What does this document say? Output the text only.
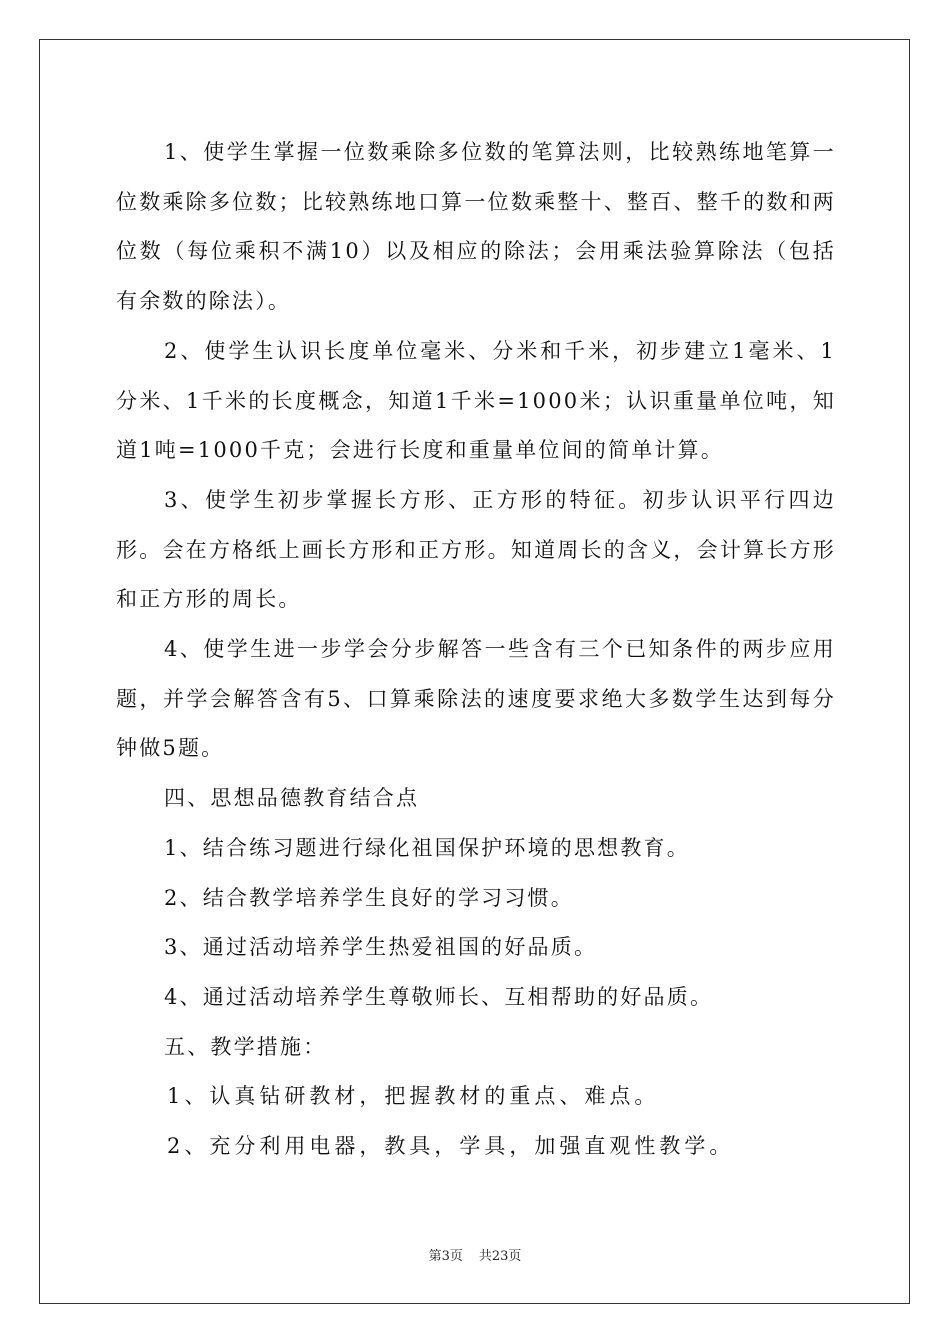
1、使学生掌握一位数乘除多位数的笔算法则，比较熟练地笔算一位数乘除多位数；比较熟练地口算一位数乘整十、整百、整千的数和两位数（每位乘积不满10）以及相应的除法；会用乘法验算除法（包括有余数的除法）。

2、使学生认识长度单位毫米、分米和千米，初步建立1毫米、1分米、1千米的长度概念，知道1千米=1000米；认识重量单位吨，知道1吨=1000千克；会进行长度和重量单位间的简单计算。

3、使学生初步掌握长方形、正方形的特征。初步认识平行四边形。会在方格纸上画长方形和正方形。知道周长的含义，会计算长方形和正方形的周长。

4、使学生进一步学会分步解答一些含有三个已知条件的两步应用题，并学会解答含有5、口算乘除法的速度要求绝大多数学生达到每分钟做5题。

四、思想品德教育结合点

1、结合练习题进行绿化祖国保护环境的思想教育。

2、结合教学培养学生良好的学习习惯。

3、通过活动培养学生热爱祖国的好品质。

4、通过活动培养学生尊敬师长、互相帮助的好品质。

五、教学措施：

1、认真钻研教材，把握教材的重点、难点。

2、充分利用电器，教具，学具，加强直观性教学。

第3页 共23页
